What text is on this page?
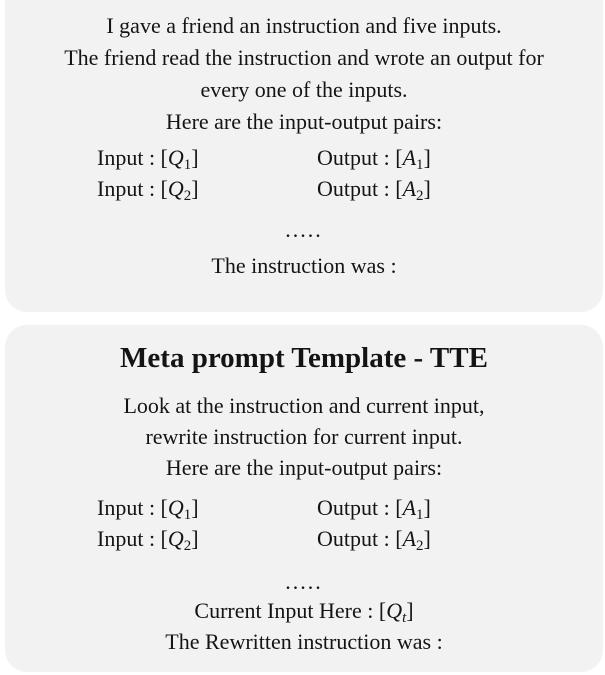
I gave a friend an instruction and five inputs.
The friend read the instruction and wrote an output for
every one of the inputs.
Here are the input-output pairs:
Input : $[Q_1]$	Output : $[A_1]$
Input : $[Q_2]$	Output : $[A_2]$
.....
The instruction was :
Meta prompt Template - TTE
Look at the instruction and current input,
rewrite instruction for current input.
Here are the input-output pairs:
Input : $[Q_1]$	Output : $[A_1]$
Input : $[Q_2]$	Output : $[A_2]$
.....
Current Input Here : $[Q_t]$
The Rewritten instruction was :
